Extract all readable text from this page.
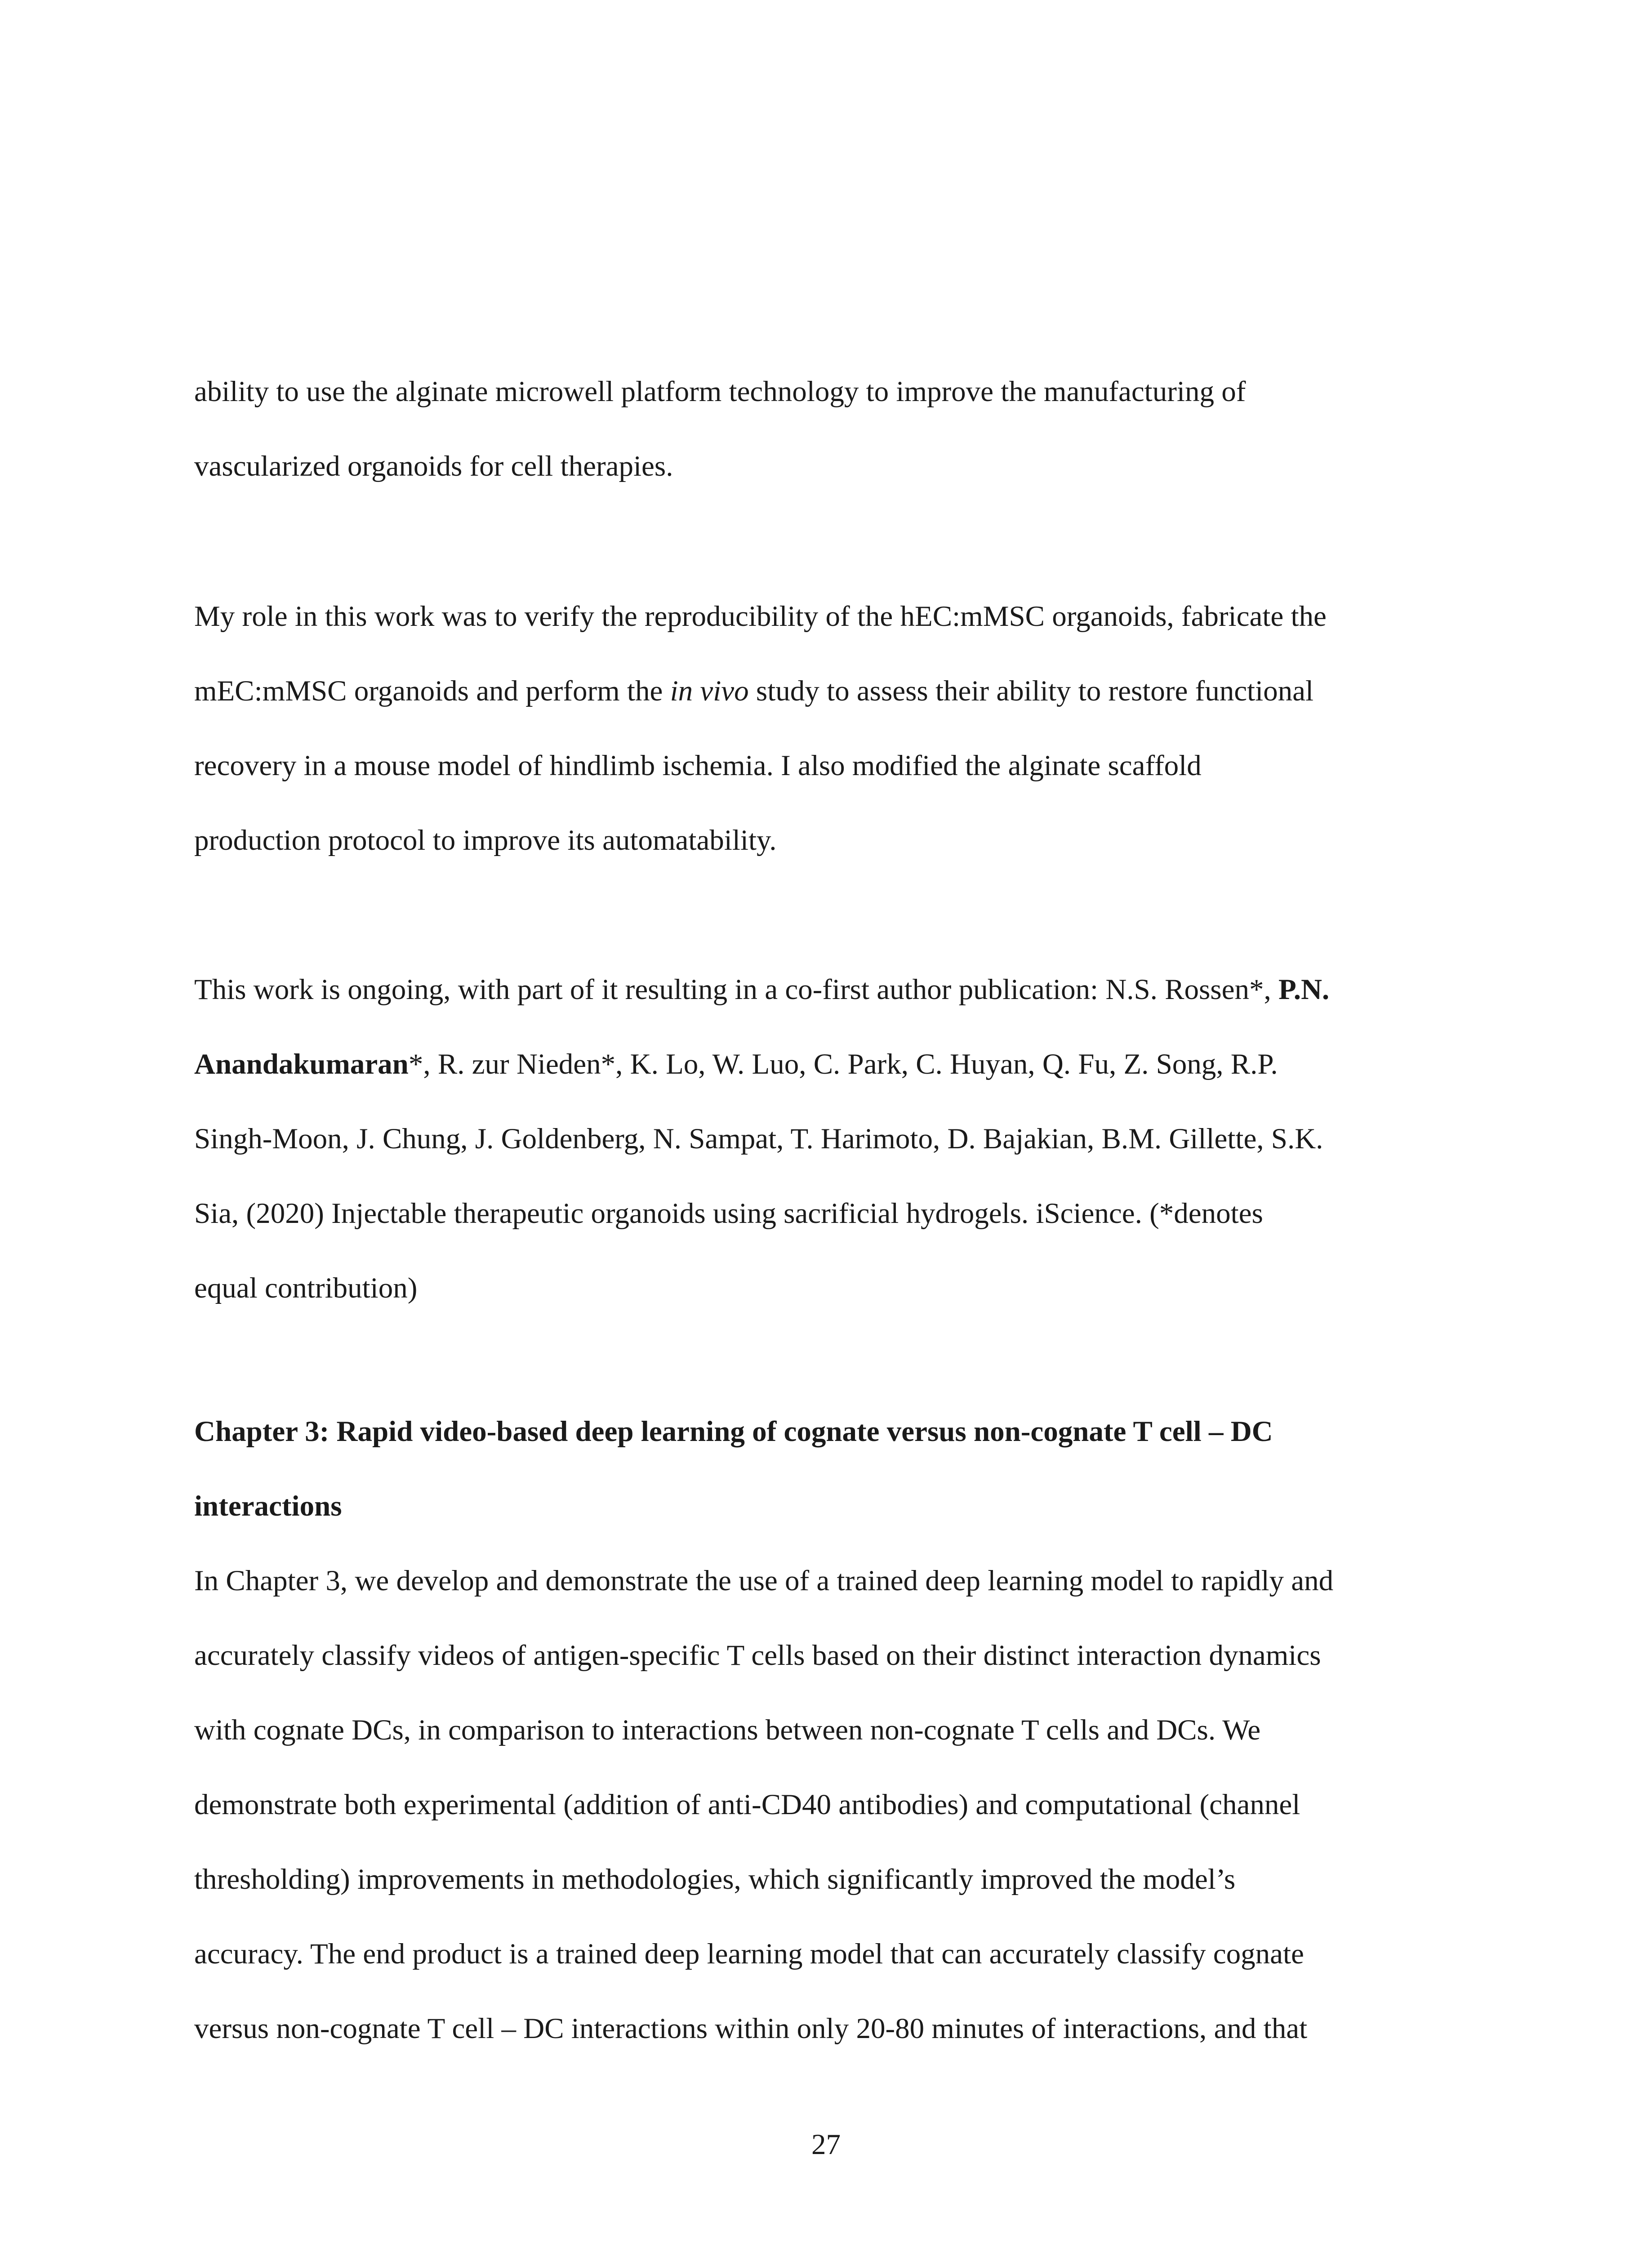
ability to use the alginate microwell platform technology to improve the manufacturing of
vascularized organoids for cell therapies.
My role in this work was to verify the reproducibility of the hEC:mMSC organoids, fabricate the
mEC:mMSC organoids and perform the in vivo study to assess their ability to restore functional
recovery in a mouse model of hindlimb ischemia. I also modified the alginate scaffold
production protocol to improve its automatability.
This work is ongoing, with part of it resulting in a co-first author publication: N.S. Rossen*, P.N.
Anandakumaran*, R. zur Nieden*, K. Lo, W. Luo, C. Park, C. Huyan, Q. Fu, Z. Song, R.P.
Singh-Moon, J. Chung, J. Goldenberg, N. Sampat, T. Harimoto, D. Bajakian, B.M. Gillette, S.K.
Sia, (2020) Injectable therapeutic organoids using sacrificial hydrogels. iScience. (*denotes
equal contribution)
Chapter 3: Rapid video-based deep learning of cognate versus non-cognate T cell – DC
interactions
In Chapter 3, we develop and demonstrate the use of a trained deep learning model to rapidly and
accurately classify videos of antigen-specific T cells based on their distinct interaction dynamics
with cognate DCs, in comparison to interactions between non-cognate T cells and DCs. We
demonstrate both experimental (addition of anti-CD40 antibodies) and computational (channel
thresholding) improvements in methodologies, which significantly improved the model’s
accuracy. The end product is a trained deep learning model that can accurately classify cognate
versus non-cognate T cell – DC interactions within only 20-80 minutes of interactions, and that
27
